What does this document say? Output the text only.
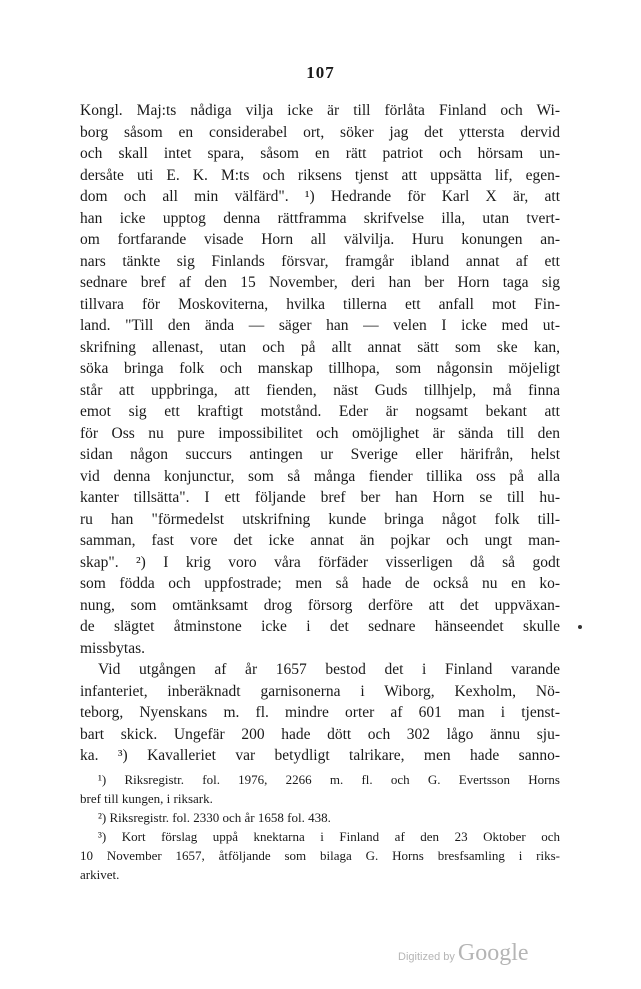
107
Kongl. Maj:ts nådiga vilja icke är till förlåta Finland och Wi-
borg såsom en considerabel ort, söker jag det yttersta dervid
och skall intet spara, såsom en rätt patriot och hörsam un-
dersåte uti E. K. M:ts och riksens tjenst att uppsätta lif, egen-
dom och all min välfärd". ¹) Hedrande för Karl X är, att
han icke upptog denna rättframma skrifvelse illa, utan tvert-
om fortfarande visade Horn all välvilja. Huru konungen an-
nars tänkte sig Finlands försvar, framgår ibland annat af ett
sednare bref af den 15 November, deri han ber Horn taga sig
tillvara för Moskoviterna, hvilka tillerna ett anfall mot Fin-
land. "Till den ända — säger han — velen I icke med ut-
skrifning allenast, utan och på allt annat sätt som ske kan,
söka bringa folk och manskap tillhopa, som någonsin möjeligt
står att uppbringa, att fienden, näst Guds tillhjelp, må finna
emot sig ett kraftigt motstånd. Eder är nogsamt bekant att
för Oss nu pure impossibilitet och omöjlighet är sända till den
sidan någon succurs antingen ur Sverige eller härifrån, helst
vid denna konjunctur, som så många fiender tillika oss på alla
kanter tillsätta". I ett följande bref ber han Horn se till hu-
ru han "förmedelst utskrifning kunde bringa något folk till-
samman, fast vore det icke annat än pojkar och ungt man-
skap". ²) I krig voro våra förfäder visserligen då så godt
som födda och uppfostrade; men så hade de också nu en ko-
nung, som omtänksamt drog försorg derföre att det uppväxan-
de slägtet åtminstone icke i det sednare hänseendet skulle
missbytas.
Vid utgången af år 1657 bestod det i Finland varande
infanteriet, inberäknadt garnisonerna i Wiborg, Kexholm, Nö-
teborg, Nyenskans m. fl. mindre orter af 601 man i tjenst-
bart skick. Ungefär 200 hade dött och 302 lågo ännu sju-
ka. ³) Kavalleriet var betydligt talrikare, men hade sanno-
¹) Riksregistr. fol. 1976, 2266 m. fl. och G. Evertsson Horns
bref till kungen, i riksark.
²) Riksregistr. fol. 2330 och år 1658 fol. 438.
³) Kort förslag uppå knektarna i Finland af den 23 Oktober och
10 November 1657, åtföljande som bilaga G. Horns bresfsamling i riks-
arkivet.
Digitized by Google
